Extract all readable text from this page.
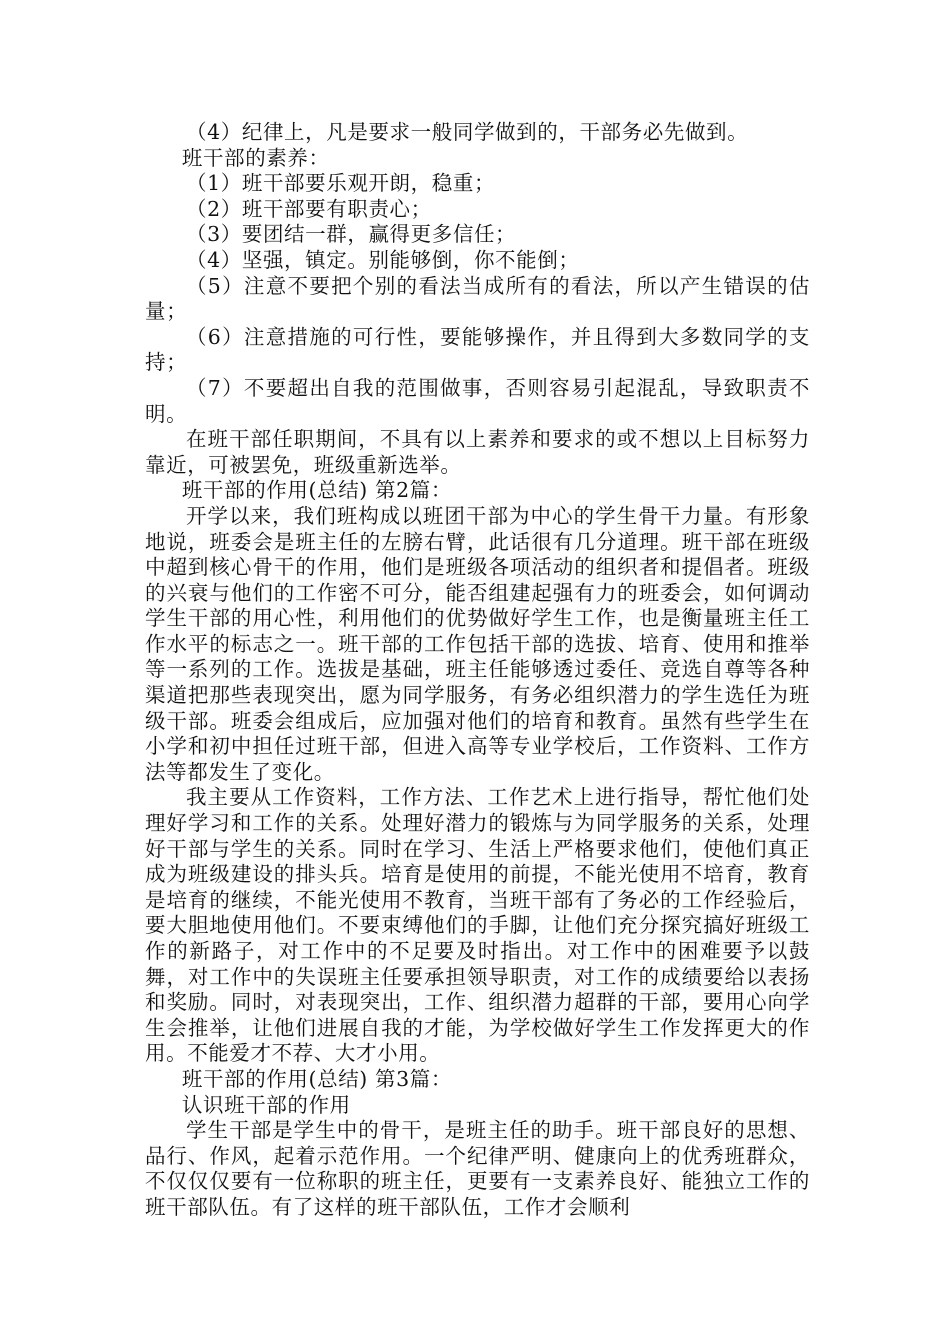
（4）纪律上，凡是要求一般同学做到的，干部务必先做到。

班干部的素养：

（1）班干部要乐观开朗，稳重；

（2）班干部要有职责心；

（3）要团结一群，赢得更多信任；

（4）坚强，镇定。别能够倒，你不能倒；

（5）注意不要把个别的看法当成所有的看法，所以产生错误的估量；

（6）注意措施的可行性，要能够操作，并且得到大多数同学的支持；

（7）不要超出自我的范围做事，否则容易引起混乱，导致职责不明。

在班干部任职期间，不具有以上素养和要求的或不想以上目标努力靠近，可被罢免，班级重新选举。

班干部的作用(总结) 第2篇：

开学以来，我们班构成以班团干部为中心的学生骨干力量。有形象地说，班委会是班主任的左膀右臂，此话很有几分道理。班干部在班级中超到核心骨干的作用，他们是班级各项活动的组织者和提倡者。班级的兴衰与他们的工作密不可分，能否组建起强有力的班委会，如何调动学生干部的用心性，利用他们的优势做好学生工作，也是衡量班主任工作水平的标志之一。班干部的工作包括干部的选拔、培育、使用和推举等一系列的工作。选拔是基础，班主任能够透过委任、竞选自尊等各种渠道把那些表现突出，愿为同学服务，有务必组织潜力的学生选任为班级干部。班委会组成后，应加强对他们的培育和教育。虽然有些学生在小学和初中担任过班干部，但进入高等专业学校后，工作资料、工作方法等都发生了变化。

我主要从工作资料，工作方法、工作艺术上进行指导，帮忙他们处理好学习和工作的关系。处理好潜力的锻炼与为同学服务的关系，处理好干部与学生的关系。同时在学习、生活上严格要求他们，使他们真正成为班级建设的排头兵。培育是使用的前提，不能光使用不培育，教育是培育的继续，不能光使用不教育，当班干部有了务必的工作经验后，要大胆地使用他们。不要束缚他们的手脚，让他们充分探究搞好班级工作的新路子，对工作中的不足要及时指出。对工作中的困难要予以鼓舞，对工作中的失误班主任要承担领导职责，对工作的成绩要给以表扬和奖励。同时，对表现突出，工作、组织潜力超群的干部，要用心向学生会推举，让他们进展自我的才能，为学校做好学生工作发挥更大的作用。不能爱才不荐、大才小用。

班干部的作用(总结) 第3篇：

认识班干部的作用

学生干部是学生中的骨干，是班主任的助手。班干部良好的思想、品行、作风，起着示范作用。一个纪律严明、健康向上的优秀班群众，不仅仅仅要有一位称职的班主任，更要有一支素养良好、能独立工作的班干部队伍。有了这样的班干部队伍，工作才会顺利
